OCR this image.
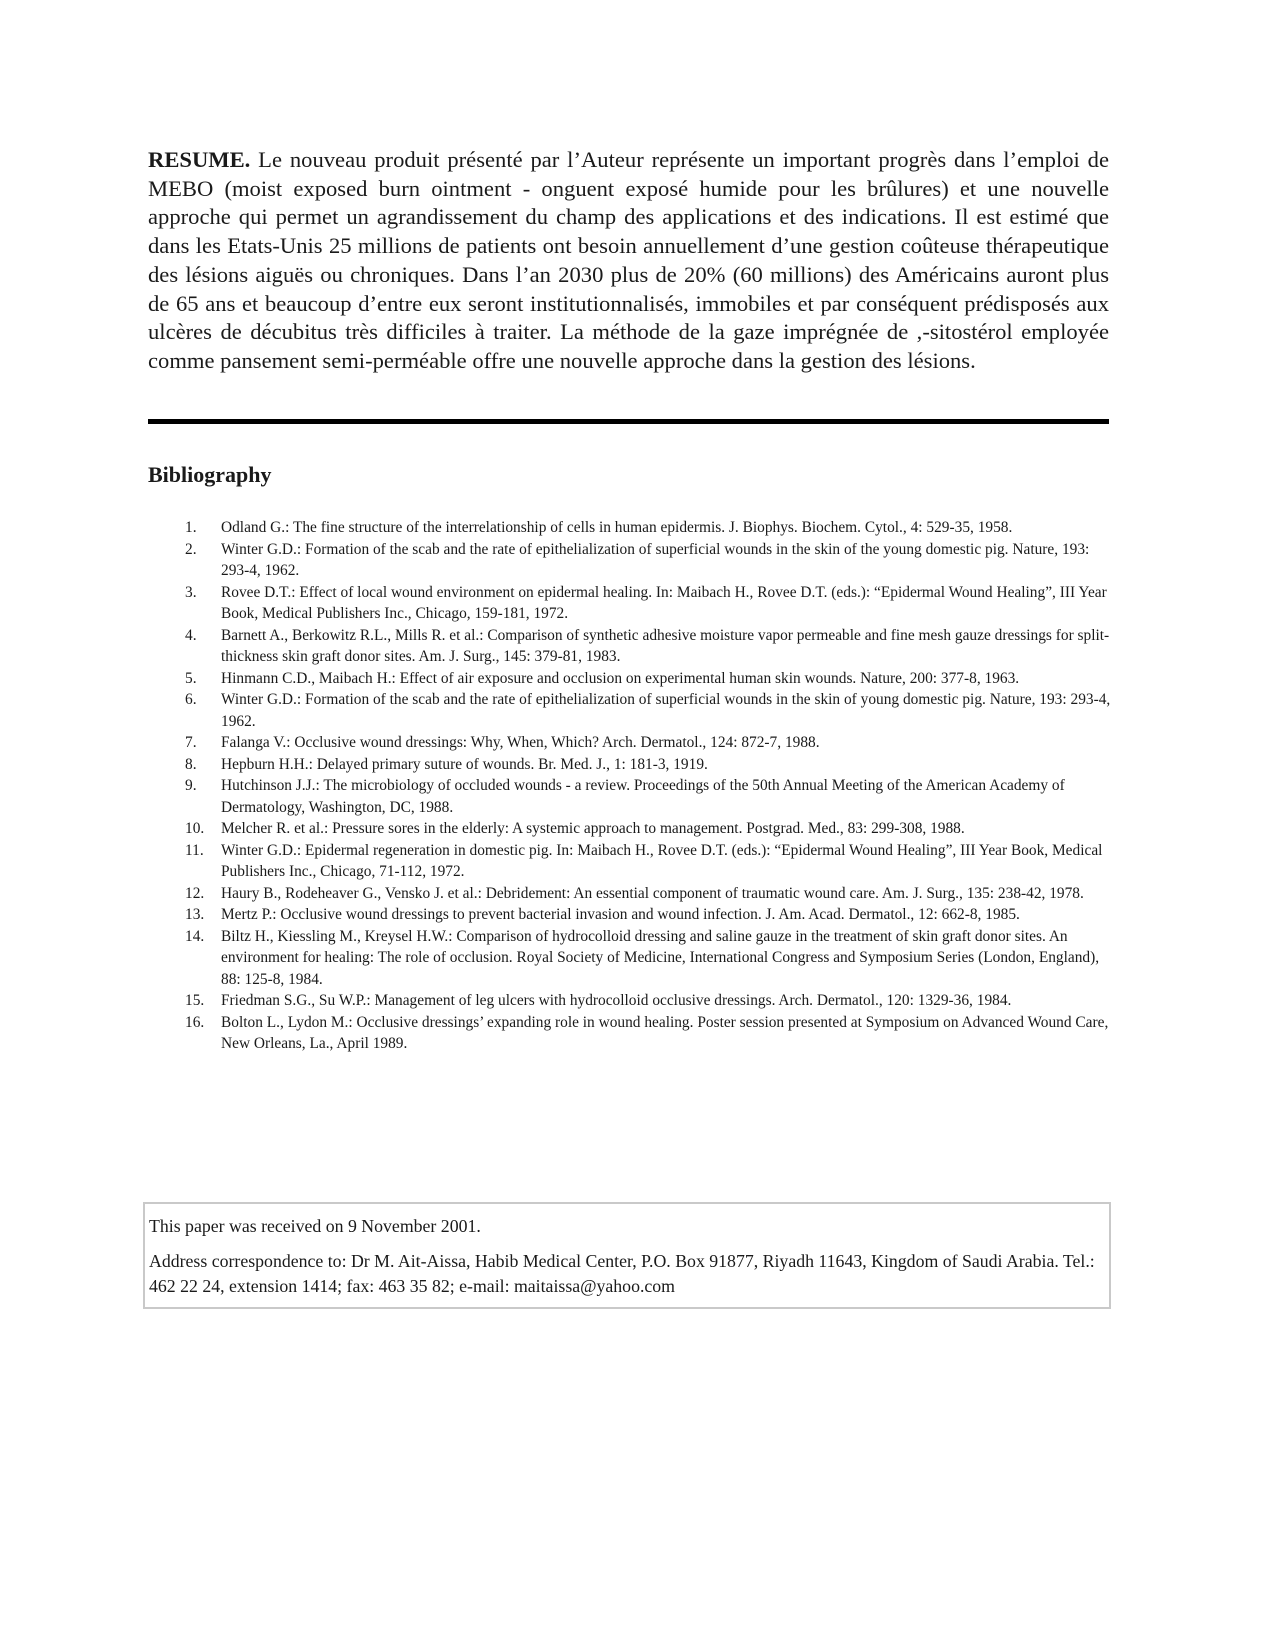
RESUME. Le nouveau produit présenté par l’Auteur représente un important progrès dans l’emploi de MEBO (moist exposed burn ointment - onguent exposé humide pour les brûlures) et une nouvelle approche qui permet un agrandissement du champ des applications et des indications. Il est estimé que dans les Etats-Unis 25 millions de patients ont besoin annuellement d’une gestion coûteuse thérapeutique des lésions aiguës ou chroniques. Dans l’an 2030 plus de 20% (60 millions) des Américains auront plus de 65 ans et beaucoup d’entre eux seront institutionnalisés, immobiles et par conséquent prédisposés aux ulcères de décubitus très difficiles à traiter. La méthode de la gaze imprégnée de ,-sitostérol employée comme pansement semi-perméable offre une nouvelle approche dans la gestion des lésions.

Bibliography
1.	Odland G.: The fine structure of the interrelationship of cells in human epidermis. J. Biophys. Biochem. Cytol., 4: 529-35, 1958.
2.	Winter G.D.: Formation of the scab and the rate of epithelialization of superficial wounds in the skin of the young domestic pig. Nature, 193: 293-4, 1962.
3.	Rovee D.T.: Effect of local wound environment on epidermal healing. In: Maibach H., Rovee D.T. (eds.): “Epidermal Wound Healing”, III Year Book, Medical Publishers Inc., Chicago, 159-181, 1972.
4.	Barnett A., Berkowitz R.L., Mills R. et al.: Comparison of synthetic adhesive moisture vapor permeable and fine mesh gauze dressings for split-thickness skin graft donor sites. Am. J. Surg., 145: 379-81, 1983.
5.	Hinmann C.D., Maibach H.: Effect of air exposure and occlusion on experimental human skin wounds. Nature, 200: 377-8, 1963.
6.	Winter G.D.: Formation of the scab and the rate of epithelialization of superficial wounds in the skin of young domestic pig. Nature, 193: 293-4, 1962.
7.	Falanga V.: Occlusive wound dressings: Why, When, Which? Arch. Dermatol., 124: 872-7, 1988.
8.	Hepburn H.H.: Delayed primary suture of wounds. Br. Med. J., 1: 181-3, 1919.
9.	Hutchinson J.J.: The microbiology of occluded wounds - a review. Proceedings of the 50th Annual Meeting of the American Academy of Dermatology, Washington, DC, 1988.
10.	Melcher R. et al.: Pressure sores in the elderly: A systemic approach to management. Postgrad. Med., 83: 299-308, 1988.
11.	Winter G.D.: Epidermal regeneration in domestic pig. In: Maibach H., Rovee D.T. (eds.): “Epidermal Wound Healing”, III Year Book, Medical Publishers Inc., Chicago, 71-112, 1972.
12.	Haury B., Rodeheaver G., Vensko J. et al.: Debridement: An essential component of traumatic wound care. Am. J. Surg., 135: 238-42, 1978.
13.	Mertz P.: Occlusive wound dressings to prevent bacterial invasion and wound infection. J. Am. Acad. Dermatol., 12: 662-8, 1985.
14.	Biltz H., Kiessling M., Kreysel H.W.: Comparison of hydrocolloid dressing and saline gauze in the treatment of skin graft donor sites. An environment for healing: The role of occlusion. Royal Society of Medicine, International Congress and Symposium Series (London, England), 88: 125-8, 1984.
15.	Friedman S.G., Su W.P.: Management of leg ulcers with hydrocolloid occlusive dressings. Arch. Dermatol., 120: 1329-36, 1984.
16.	Bolton L., Lydon M.: Occlusive dressings’ expanding role in wound healing. Poster session presented at Symposium on Advanced Wound Care, New Orleans, La., April 1989.

This paper was received on 9 November 2001.

Address correspondence to: Dr M. Ait-Aissa, Habib Medical Center, P.O. Box 91877, Riyadh 11643, Kingdom of Saudi Arabia. Tel.: 462 22 24, extension 1414; fax: 463 35 82; e-mail: maitaissa@yahoo.com
